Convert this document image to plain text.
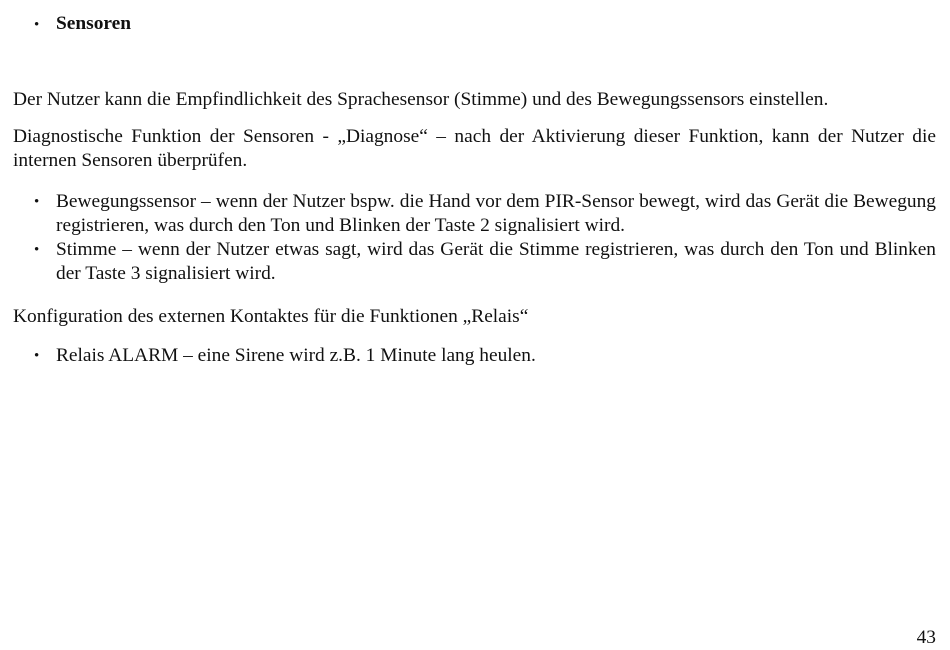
• Sensoren

Der Nutzer kann die Empfindlichkeit des Sprachesensor (Stimme) und des Bewegungssensors einstellen.

Diagnostische Funktion der Sensoren - „Diagnose“ – nach der Aktivierung dieser Funktion, kann der Nutzer die internen Sensoren überprüfen.

• Bewegungssensor – wenn der Nutzer bspw. die Hand vor dem PIR-Sensor bewegt, wird das Gerät die Bewegung registrieren, was durch den Ton und Blinken der Taste 2 signalisiert wird.
• Stimme – wenn der Nutzer etwas sagt, wird das Gerät die Stimme registrieren, was durch den Ton und Blinken der Taste 3 signalisiert wird.

Konfiguration des externen Kontaktes für die Funktionen „Relais“

• Relais ALARM – eine Sirene wird z.B. 1 Minute lang heulen.
43
